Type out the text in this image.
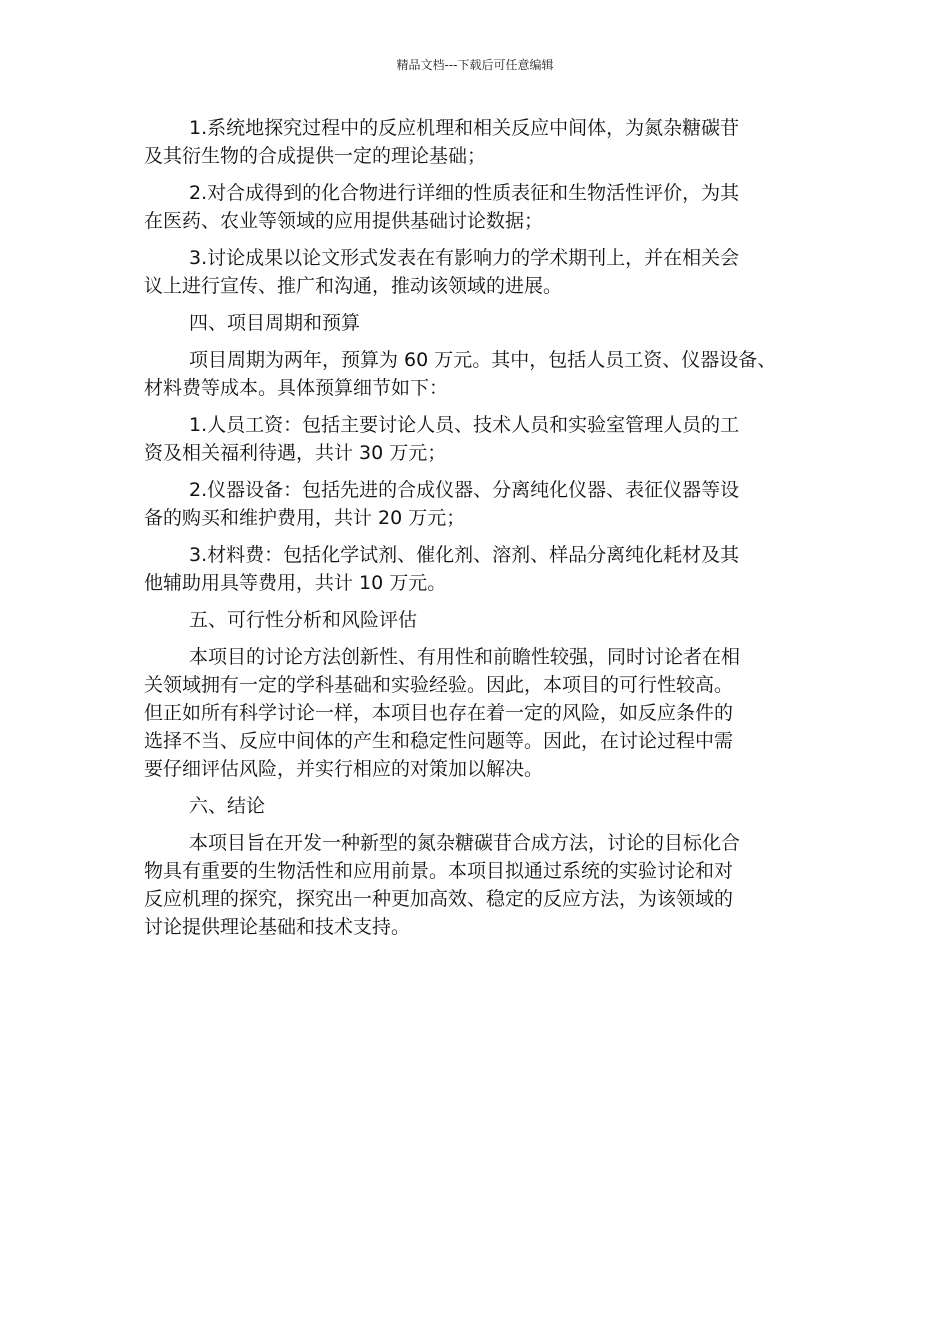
精品文档---下载后可任意编辑

1.系统地探究过程中的反应机理和相关反应中间体，为氮杂糖碳苷
及其衍生物的合成提供一定的理论基础；

2.对合成得到的化合物进行详细的性质表征和生物活性评价，为其
在医药、农业等领域的应用提供基础讨论数据；

3.讨论成果以论文形式发表在有影响力的学术期刊上，并在相关会
议上进行宣传、推广和沟通，推动该领域的进展。

四、项目周期和预算

项目周期为两年，预算为 60 万元。其中，包括人员工资、仪器设备、
材料费等成本。具体预算细节如下：

1.人员工资：包括主要讨论人员、技术人员和实验室管理人员的工
资及相关福利待遇，共计 30 万元；

2.仪器设备：包括先进的合成仪器、分离纯化仪器、表征仪器等设
备的购买和维护费用，共计 20 万元；

3.材料费：包括化学试剂、催化剂、溶剂、样品分离纯化耗材及其
他辅助用具等费用，共计 10 万元。

五、可行性分析和风险评估

本项目的讨论方法创新性、有用性和前瞻性较强，同时讨论者在相
关领域拥有一定的学科基础和实验经验。因此，本项目的可行性较高。
但正如所有科学讨论一样，本项目也存在着一定的风险，如反应条件的
选择不当、反应中间体的产生和稳定性问题等。因此，在讨论过程中需
要仔细评估风险，并实行相应的对策加以解决。

六、结论

本项目旨在开发一种新型的氮杂糖碳苷合成方法，讨论的目标化合
物具有重要的生物活性和应用前景。本项目拟通过系统的实验讨论和对
反应机理的探究，探究出一种更加高效、稳定的反应方法，为该领域的
讨论提供理论基础和技术支持。
